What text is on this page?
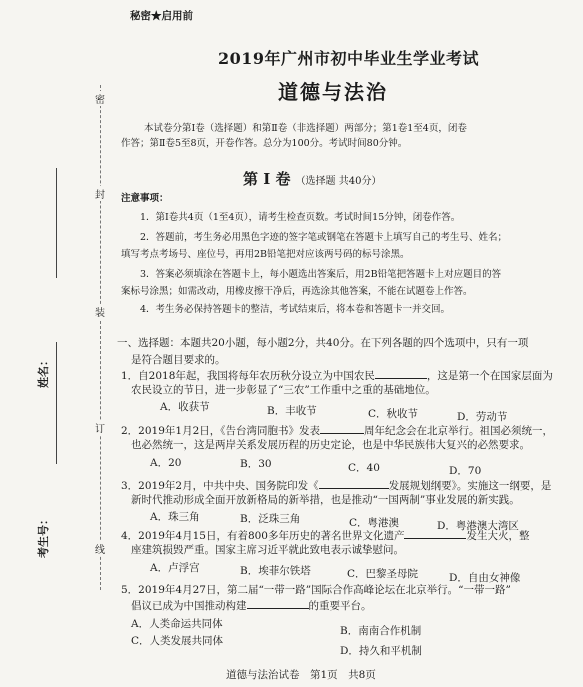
密
封
装
订
线
姓名：
考生号：
秘密★启用前
2019年广州市初中毕业生学业考试
道德与法治
本试卷分第Ⅰ卷（选择题）和第Ⅱ卷（非选择题）两部分；第1卷1至4页，闭卷
作答；第Ⅱ卷5至8页，开卷作答。总分为100分。考试时间80分钟。
第 Ⅰ 卷 （选择题 共40分）
注意事项：
1．第Ⅰ卷共4页（1至4页），请考生检查页数。考试时间15分钟，闭卷作答。
2．答题前，考生务必用黑色字迹的签字笔或钢笔在答题卡上填写自己的考生号、姓名；
填写考点考场号、座位号，再用2B铅笔把对应该两号码的标号涂黑。
3．答案必须填涂在答题卡上，每小题选出答案后，用2B铅笔把答题卡上对应题目的答
案标号涂黑；如需改动，用橡皮擦干净后，再选涂其他答案，不能在试题卷上作答。
4．考生务必保持答题卡的整洁，考试结束后，将本卷和答题卡一并交回。
一、选择题：本题共20小题，每小题2分，共40分。在下列各题的四个选项中，只有一项
是符合题目要求的。
1．自2018年起，我国将每年农历秋分设立为中国农民	，这是第一个在国家层面为
农民设立的节日，进一步彰显了“三农”工作重中之重的基础地位。
A．收获节	B．丰收节	C．秋收节	D．劳动节
2．2019年1月2日，《告台湾同胞书》发表	周年纪念会在北京举行。祖国必须统一，
也必然统一，这是两岸关系发展历程的历史定论，也是中华民族伟大复兴的必然要求。
A．20	B．30	C．40	D．70
3．2019年2月，中共中央、国务院印发《	发展规划纲要》。实施这一纲要，是
新时代推动形成全面开放新格局的新举措，也是推动“一国两制”事业发展的新实践。
A．珠三角	B．泛珠三角	C．粤港澳	D．粤港澳大湾区
4．2019年4月15日，有着800多年历史的著名世界文化遗产	发生大火，整
座建筑损毁严重。国家主席习近平就此致电表示诚挚慰问。
A．卢浮宫	B．埃菲尔铁塔	C．巴黎圣母院	D．自由女神像
5．2019年4月27日，第二届“一带一路”国际合作高峰论坛在北京举行。“一带一路”
倡议已成为中国推动构建	的重要平台。
A．人类命运共同体
B．南南合作机制
C．人类发展共同体
D．持久和平机制
道德与法治试卷　第1页　共8页
